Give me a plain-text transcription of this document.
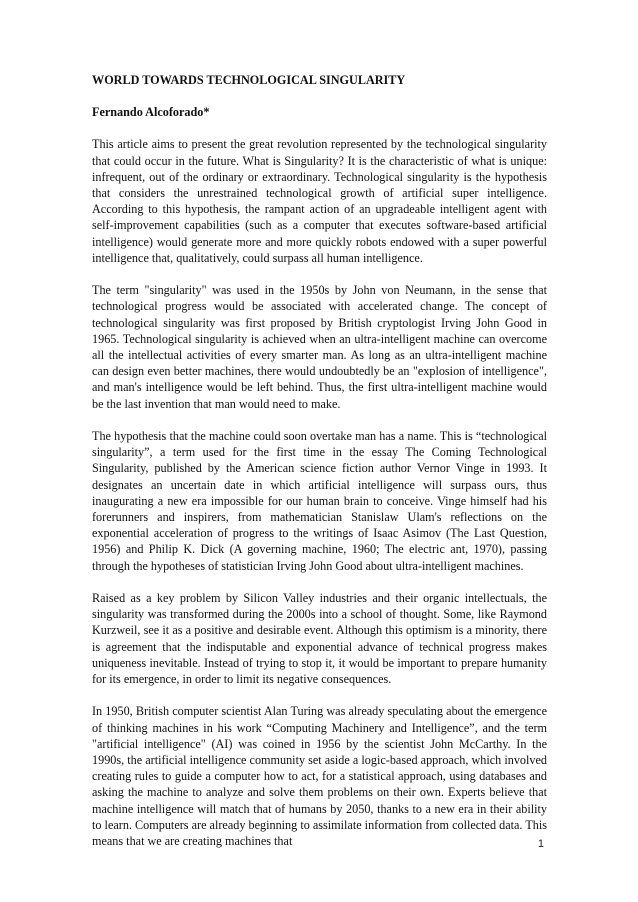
WORLD TOWARDS TECHNOLOGICAL SINGULARITY
Fernando Alcoforado*

This article aims to present the great revolution represented by the technological singularity that could occur in the future. What is Singularity? It is the characteristic of what is unique: infrequent, out of the ordinary or extraordinary. Technological singularity is the hypothesis that considers the unrestrained technological growth of artificial super intelligence. According to this hypothesis, the rampant action of an upgradeable intelligent agent with self-improvement capabilities (such as a computer that executes software-based artificial intelligence) would generate more and more quickly robots endowed with a super powerful intelligence that, qualitatively, could surpass all human intelligence.

The term "singularity" was used in the 1950s by John von Neumann, in the sense that technological progress would be associated with accelerated change. The concept of technological singularity was first proposed by British cryptologist Irving John Good in 1965. Technological singularity is achieved when an ultra-intelligent machine can overcome all the intellectual activities of every smarter man. As long as an ultra-intelligent machine can design even better machines, there would undoubtedly be an "explosion of intelligence", and man's intelligence would be left behind. Thus, the first ultra-intelligent machine would be the last invention that man would need to make.

The hypothesis that the machine could soon overtake man has a name. This is “technological singularity”, a term used for the first time in the essay The Coming Technological Singularity, published by the American science fiction author Vernor Vinge in 1993. It designates an uncertain date in which artificial intelligence will surpass ours, thus inaugurating a new era impossible for our human brain to conceive. Vinge himself had his forerunners and inspirers, from mathematician Stanislaw Ulam's reflections on the exponential acceleration of progress to the writings of Isaac Asimov (The Last Question, 1956) and Philip K. Dick (A governing machine, 1960; The electric ant, 1970), passing through the hypotheses of statistician Irving John Good about ultra-intelligent machines.

Raised as a key problem by Silicon Valley industries and their organic intellectuals, the singularity was transformed during the 2000s into a school of thought. Some, like Raymond Kurzweil, see it as a positive and desirable event. Although this optimism is a minority, there is agreement that the indisputable and exponential advance of technical progress makes uniqueness inevitable. Instead of trying to stop it, it would be important to prepare humanity for its emergence, in order to limit its negative consequences.

In 1950, British computer scientist Alan Turing was already speculating about the emergence of thinking machines in his work “Computing Machinery and Intelligence”, and the term "artificial intelligence" (AI) was coined in 1956 by the scientist John McCarthy. In the 1990s, the artificial intelligence community set aside a logic-based approach, which involved creating rules to guide a computer how to act, for a statistical approach, using databases and asking the machine to analyze and solve them problems on their own. Experts believe that machine intelligence will match that of humans by 2050, thanks to a new era in their ability to learn. Computers are already beginning to assimilate information from collected data. This means that we are creating machines that	1
